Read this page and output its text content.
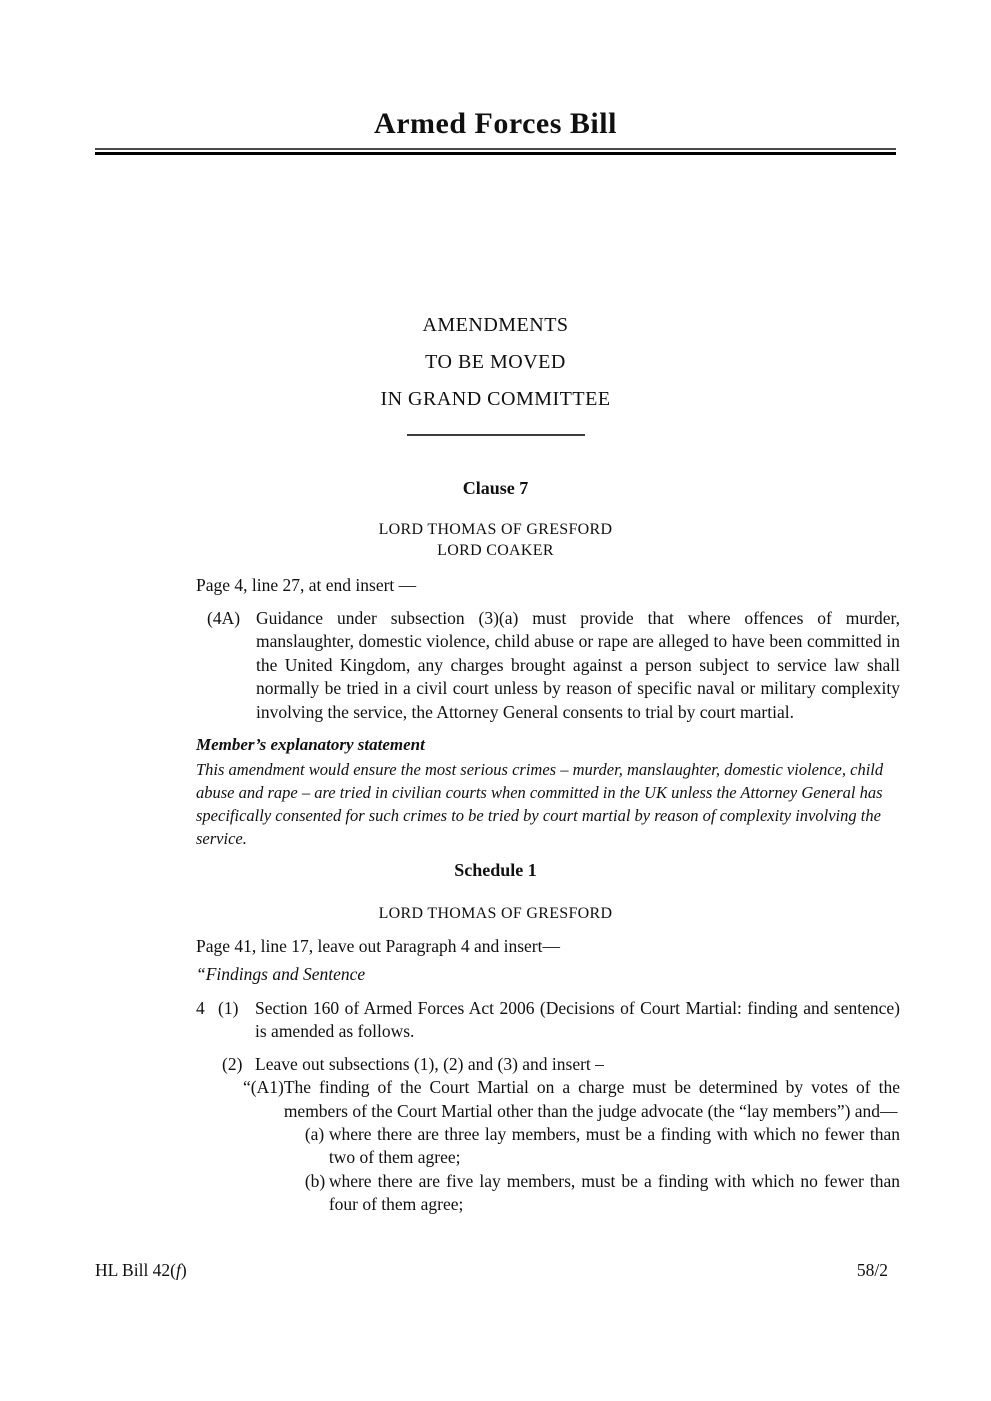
Armed Forces Bill
AMENDMENTS
TO BE MOVED
IN GRAND COMMITTEE
Clause 7
LORD THOMAS OF GRESFORD
LORD COAKER
Page 4, line 27, at end insert —
(4A) Guidance under subsection (3)(a) must provide that where offences of murder, manslaughter, domestic violence, child abuse or rape are alleged to have been committed in the United Kingdom, any charges brought against a person subject to service law shall normally be tried in a civil court unless by reason of specific naval or military complexity involving the service, the Attorney General consents to trial by court martial.
Member’s explanatory statement
This amendment would ensure the most serious crimes – murder, manslaughter, domestic violence, child abuse and rape – are tried in civilian courts when committed in the UK unless the Attorney General has specifically consented for such crimes to be tried by court martial by reason of complexity involving the service.
Schedule 1
LORD THOMAS OF GRESFORD
Page 41, line 17, leave out Paragraph 4 and insert—
“Findings and Sentence
4 (1) Section 160 of Armed Forces Act 2006 (Decisions of Court Martial: finding and sentence) is amended as follows.
(2) Leave out subsections (1), (2) and (3) and insert –
“(A1) The finding of the Court Martial on a charge must be determined by votes of the members of the Court Martial other than the judge advocate (the “lay members”) and—
(a) where there are three lay members, must be a finding with which no fewer than two of them agree;
(b) where there are five lay members, must be a finding with which no fewer than four of them agree;
HL Bill 42(f)	58/2
